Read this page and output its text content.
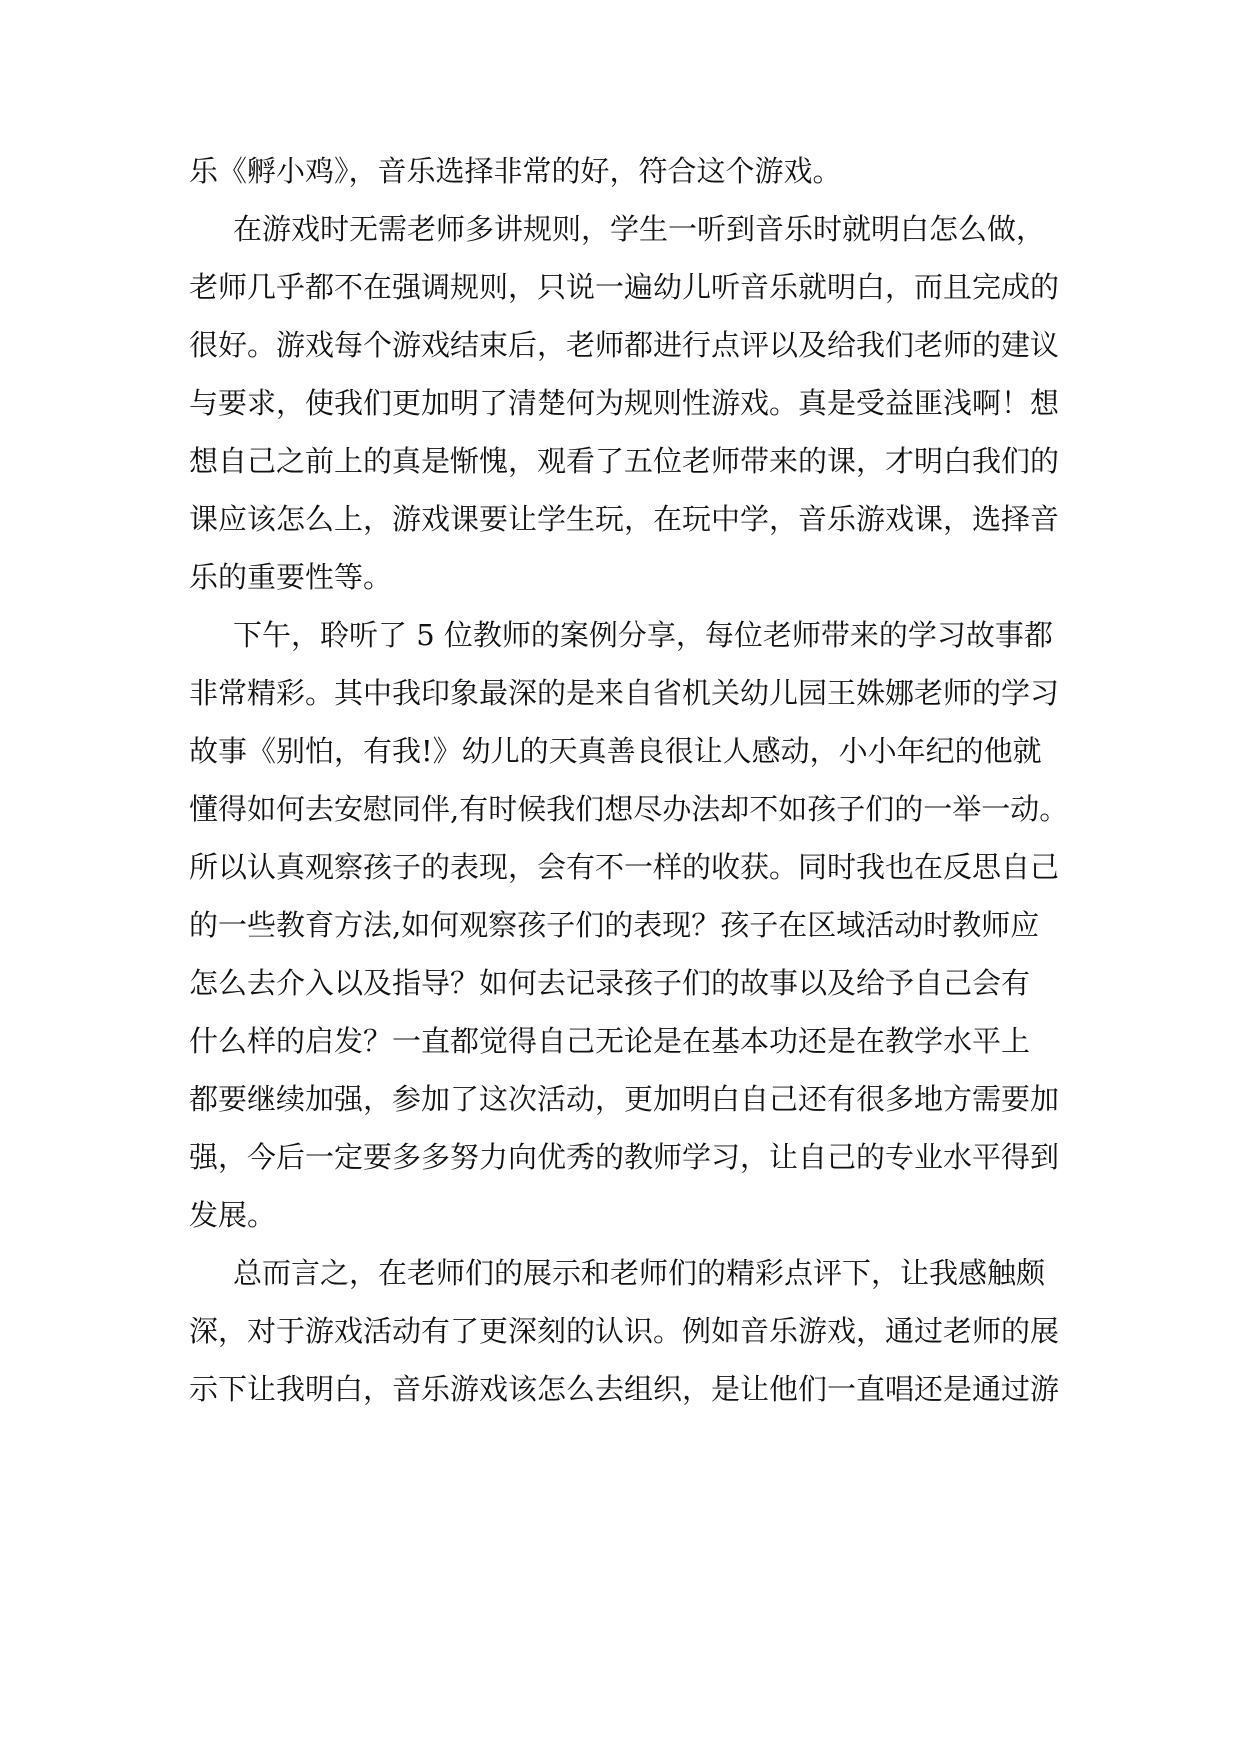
乐《孵小鸡》，音乐选择非常的好，符合这个游戏。
在游戏时无需老师多讲规则，学生一听到音乐时就明白怎么做，
老师几乎都不在强调规则，只说一遍幼儿听音乐就明白，而且完成的
很好。游戏每个游戏结束后，老师都进行点评以及给我们老师的建议
与要求，使我们更加明了清楚何为规则性游戏。真是受益匪浅啊！想
想自己之前上的真是惭愧，观看了五位老师带来的课，才明白我们的
课应该怎么上，游戏课要让学生玩，在玩中学，音乐游戏课，选择音
乐的重要性等。
下午，聆听了 5 位教师的案例分享，每位老师带来的学习故事都
非常精彩。其中我印象最深的是来自省机关幼儿园王姝娜老师的学习
故事《别怕，有我!》幼儿的天真善良很让人感动，小小年纪的他就
懂得如何去安慰同伴,有时候我们想尽办法却不如孩子们的一举一动。
所以认真观察孩子的表现，会有不一样的收获。同时我也在反思自己
的一些教育方法,如何观察孩子们的表现？孩子在区域活动时教师应
怎么去介入以及指导？如何去记录孩子们的故事以及给予自己会有
什么样的启发？一直都觉得自己无论是在基本功还是在教学水平上
都要继续加强，参加了这次活动，更加明白自己还有很多地方需要加
强，今后一定要多多努力向优秀的教师学习，让自己的专业水平得到
发展。
总而言之，在老师们的展示和老师们的精彩点评下，让我感触颇
深，对于游戏活动有了更深刻的认识。例如音乐游戏，通过老师的展
示下让我明白，音乐游戏该怎么去组织，是让他们一直唱还是通过游
